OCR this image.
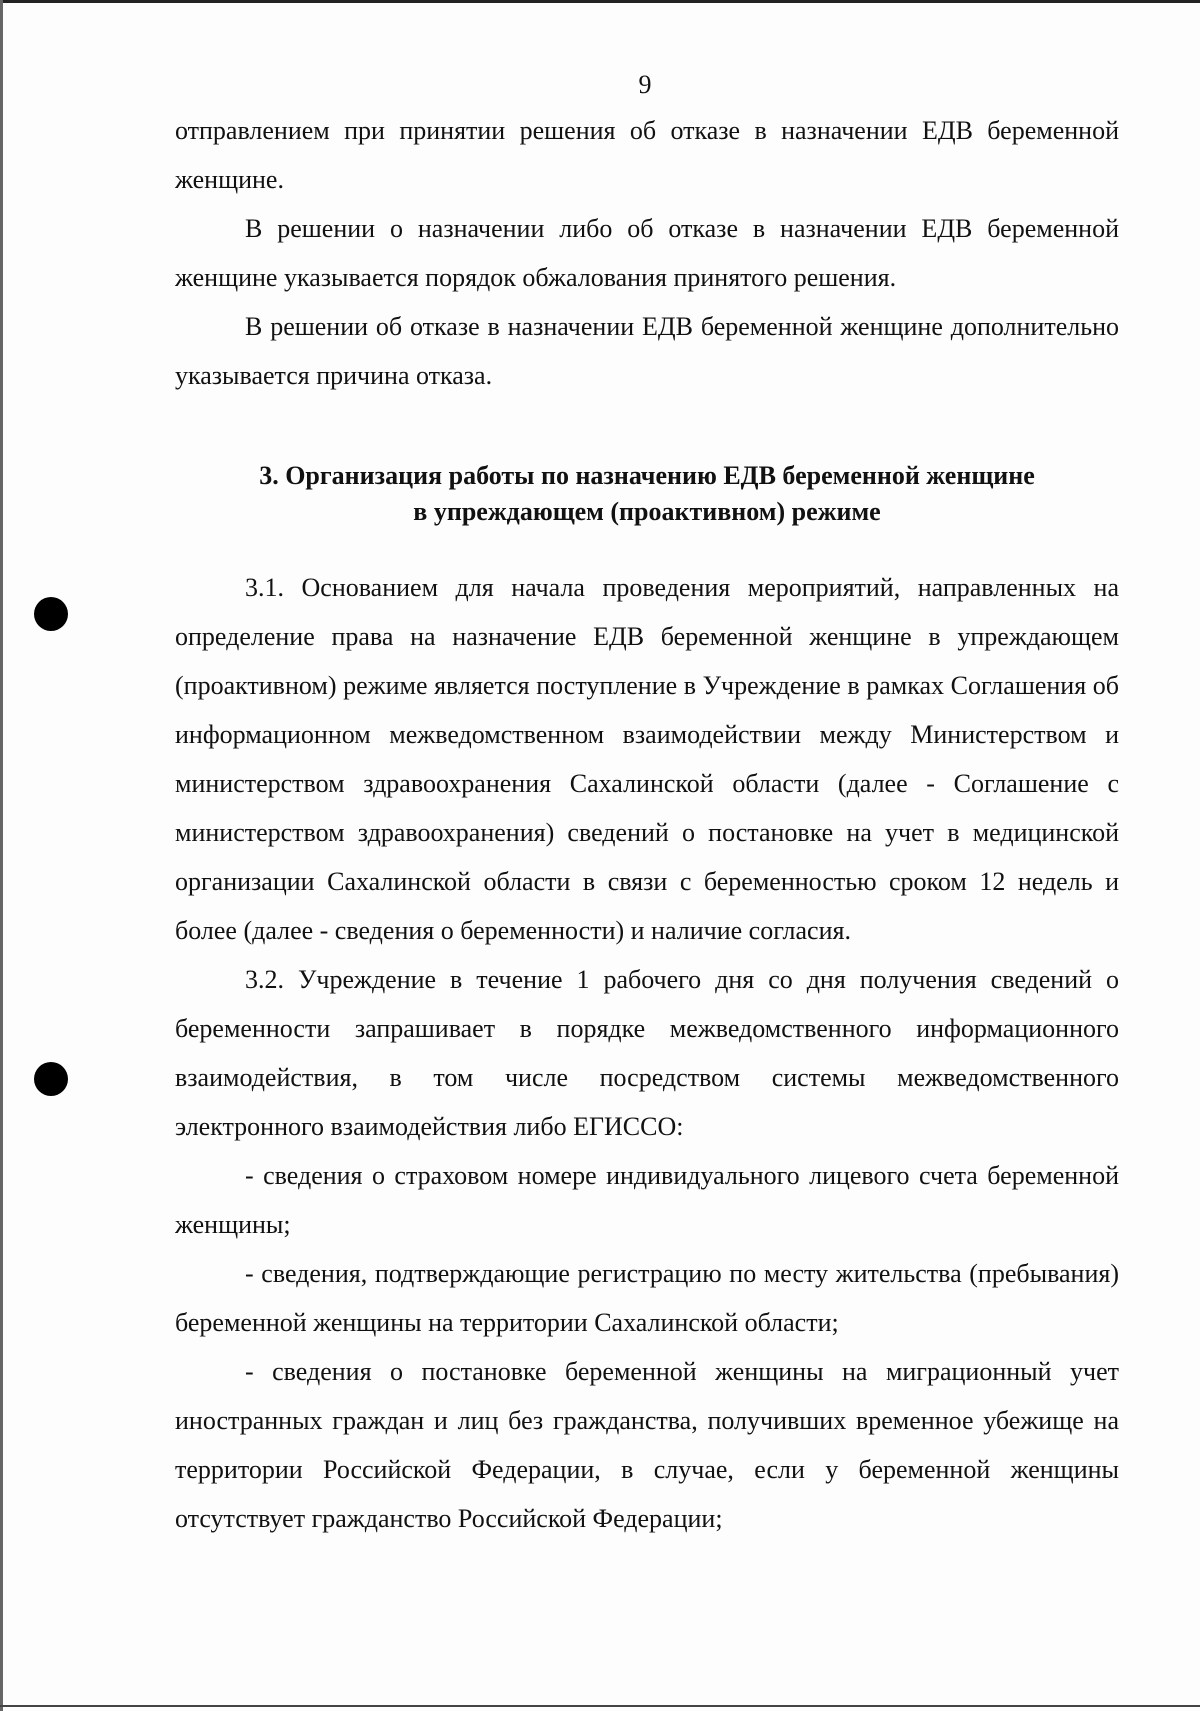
9

отправлением при принятии решения об отказе в назначении ЕДВ беременной женщине.

В решении о назначении либо об отказе в назначении ЕДВ беременной женщине указывается порядок обжалования принятого решения.

В решении об отказе в назначении ЕДВ беременной женщине дополнительно указывается причина отказа.

3. Организация работы по назначению ЕДВ беременной женщине
в упреждающем (проактивном) режиме

3.1. Основанием для начала проведения мероприятий, направленных на определение права на назначение ЕДВ беременной женщине в упреждающем (проактивном) режиме является поступление в Учреждение в рамках Соглашения об информационном межведомственном взаимодействии между Министерством и министерством здравоохранения Сахалинской области (далее - Соглашение с министерством здравоохранения) сведений о постановке на учет в медицинской организации Сахалинской области в связи с беременностью сроком 12 недель и более (далее - сведения о беременности) и наличие согласия.

3.2. Учреждение в течение 1 рабочего дня со дня получения сведений о беременности запрашивает в порядке межведомственного информационного взаимодействия, в том числе посредством системы межведомственного электронного взаимодействия либо ЕГИССО:

- сведения о страховом номере индивидуального лицевого счета беременной женщины;

- сведения, подтверждающие регистрацию по месту жительства (пребывания) беременной женщины на территории Сахалинской области;

- сведения о постановке беременной женщины на миграционный учет иностранных граждан и лиц без гражданства, получивших временное убежище на территории Российской Федерации, в случае, если у беременной женщины отсутствует гражданство Российской Федерации;
